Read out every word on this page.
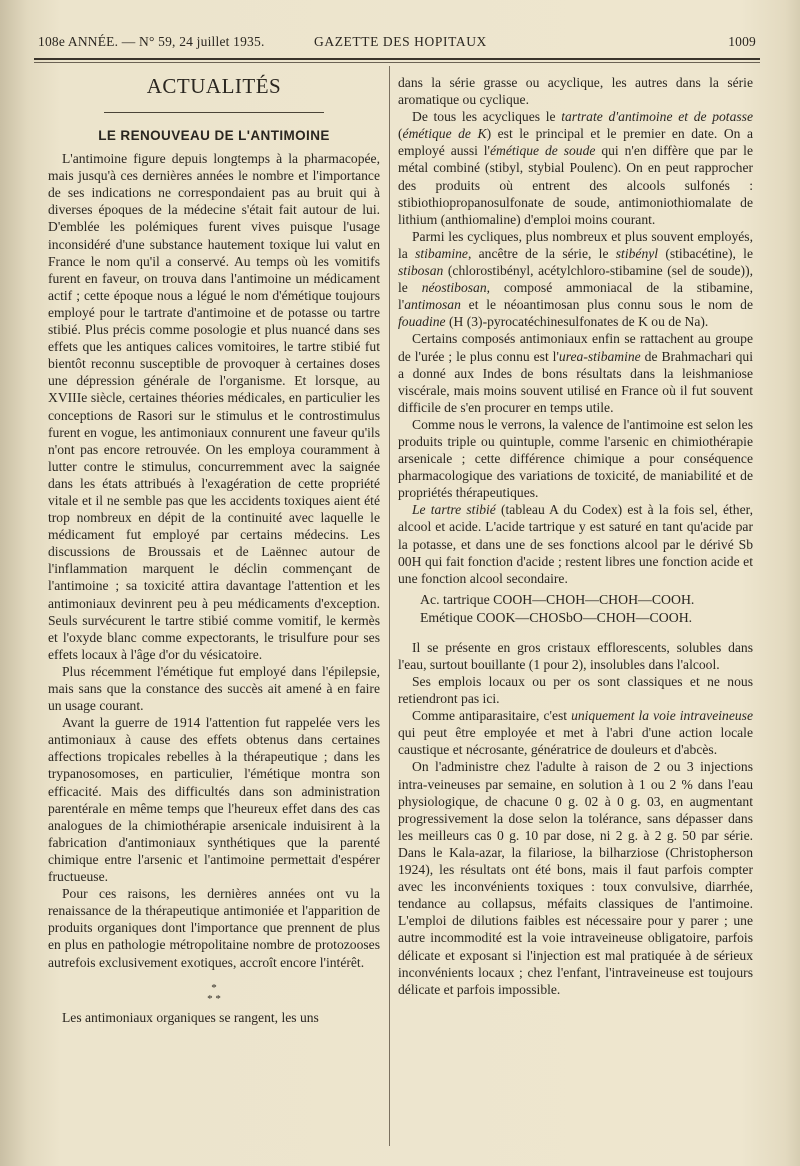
108e ANNÉE. — N° 59, 24 juillet 1935.	GAZETTE DES HOPITAUX	1009
ACTUALITÉS
LE RENOUVEAU DE L'ANTIMOINE

L'antimoine figure depuis longtemps à la pharmacopée, mais jusqu'à ces dernières années le nombre et l'importance de ses indications ne correspondaient pas au bruit qui à diverses époques de la médecine s'était fait autour de lui. D'emblée les polémiques furent vives puisque l'usage inconsidéré d'une substance hautement toxique lui valut en France le nom qu'il a conservé. Au temps où les vomitifs furent en faveur, on trouva dans l'antimoine un médicament actif ; cette époque nous a légué le nom d'émétique toujours employé pour le tartrate d'antimoine et de potasse ou tartre stibié. Plus précis comme posologie et plus nuancé dans ses effets que les antiques calices vomitoires, le tartre stibié fut bientôt reconnu susceptible de provoquer à certaines doses une dépression générale de l'organisme. Et lorsque, au XVIIIe siècle, certaines théories médicales, en particulier les conceptions de Rasori sur le stimulus et le controstimulus furent en vogue, les antimoniaux connurent une faveur qu'ils n'ont pas encore retrouvée. On les employa couramment à lutter contre le stimulus, concurremment avec la saignée dans les états attribués à l'exagération de cette propriété vitale et il ne semble pas que les accidents toxiques aient été trop nombreux en dépit de la continuité avec laquelle le médicament fut employé par certains médecins. Les discussions de Broussais et de Laënnec autour de l'inflammation marquent le déclin commençant de l'antimoine ; sa toxicité attira davantage l'attention et les antimoniaux devinrent peu à peu médicaments d'exception. Seuls survécurent le tartre stibié comme vomitif, le kermès et l'oxyde blanc comme expectorants, le trisulfure pour ses effets locaux à l'âge d'or du vésicatoire.

Plus récemment l'émétique fut employé dans l'épilepsie, mais sans que la constance des succès ait amené à en faire un usage courant.

Avant la guerre de 1914 l'attention fut rappelée vers les antimoniaux à cause des effets obtenus dans certaines affections tropicales rebelles à la thérapeutique ; dans les trypanosomoses, en particulier, l'émétique montra son efficacité. Mais des difficultés dans son administration parentérale en même temps que l'heureux effet dans des cas analogues de la chimiothérapie arsenicale induisirent à la fabrication d'antimoniaux synthétiques que la parenté chimique entre l'arsenic et l'antimoine permettait d'espérer fructueuse.

Pour ces raisons, les dernières années ont vu la renaissance de la thérapeutique antimoniée et l'apparition de produits organiques dont l'importance que prennent de plus en plus en pathologie métropolitaine nombre de protozooses autrefois exclusivement exotiques, accroît encore l'intérêt.

*
* *

Les antimoniaux organiques se rangent, les uns

dans la série grasse ou acyclique, les autres dans la série aromatique ou cyclique.

De tous les acycliques le tartrate d'antimoine et de potasse (émétique de K) est le principal et le premier en date. On a employé aussi l'émétique de soude qui n'en diffère que par le métal combiné (stibyl, stybial Poulenc). On en peut rapprocher des produits où entrent des alcools sulfonés : stibiothiopropanosulfonate de soude, antimoniothiomalate de lithium (anthiomaline) d'emploi moins courant.

Parmi les cycliques, plus nombreux et plus souvent employés, la stibamine, ancêtre de la série, le stibényl (stibacétine), le stibosan (chlorostibényl, acétylchloro-stibamine (sel de soude)), le néostibosan, composé ammoniacal de la stibamine, l'antimosan et le néoantimosan plus connu sous le nom de fouadine (H (3)-pyrocatéchinesulfonates de K ou de Na).

Certains composés antimoniaux enfin se rattachent au groupe de l'urée ; le plus connu est l'urea-stibamine de Brahmachari qui a donné aux Indes de bons résultats dans la leishmaniose viscérale, mais moins souvent utilisé en France où il fut souvent difficile de s'en procurer en temps utile.

Comme nous le verrons, la valence de l'antimoine est selon les produits triple ou quintuple, comme l'arsenic en chimiothérapie arsenicale ; cette différence chimique a pour conséquence pharmacologique des variations de toxicité, de maniabilité et de propriétés thérapeutiques.

Le tartre stibié (tableau A du Codex) est à la fois sel, éther, alcool et acide. L'acide tartrique y est saturé en tant qu'acide par la potasse, et dans une de ses fonctions alcool par le dérivé Sb 00H qui fait fonction d'acide ; restent libres une fonction acide et une fonction alcool secondaire.

Ac. tartrique COOH—CHOH—CHOH—COOH.
Emétique COOK—CHOSbO—CHOH—COOH.

Il se présente en gros cristaux efflorescents, solubles dans l'eau, surtout bouillante (1 pour 2), insolubles dans l'alcool.

Ses emplois locaux ou per os sont classiques et ne nous retiendront pas ici.

Comme antiparasitaire, c'est uniquement la voie intraveineuse qui peut être employée et met à l'abri d'une action locale caustique et nécrosante, génératrice de douleurs et d'abcès.

On l'administre chez l'adulte à raison de 2 ou 3 injections intra-veineuses par semaine, en solution à 1 ou 2 % dans l'eau physiologique, de chacune 0 g. 02 à 0 g. 03, en augmentant progressivement la dose selon la tolérance, sans dépasser dans les meilleurs cas 0 g. 10 par dose, ni 2 g. à 2 g. 50 par série. Dans le Kala-azar, la filariose, la bilharziose (Christopherson 1924), les résultats ont été bons, mais il faut parfois compter avec les inconvénients toxiques : toux convulsive, diarrhée, tendance au collapsus, méfaits classiques de l'antimoine. L'emploi de dilutions faibles est nécessaire pour y parer ; une autre incommodité est la voie intraveineuse obligatoire, parfois délicate et exposant si l'injection est mal pratiquée à de sérieux inconvénients locaux ; chez l'enfant, l'intraveineuse est toujours délicate et parfois impossible.
